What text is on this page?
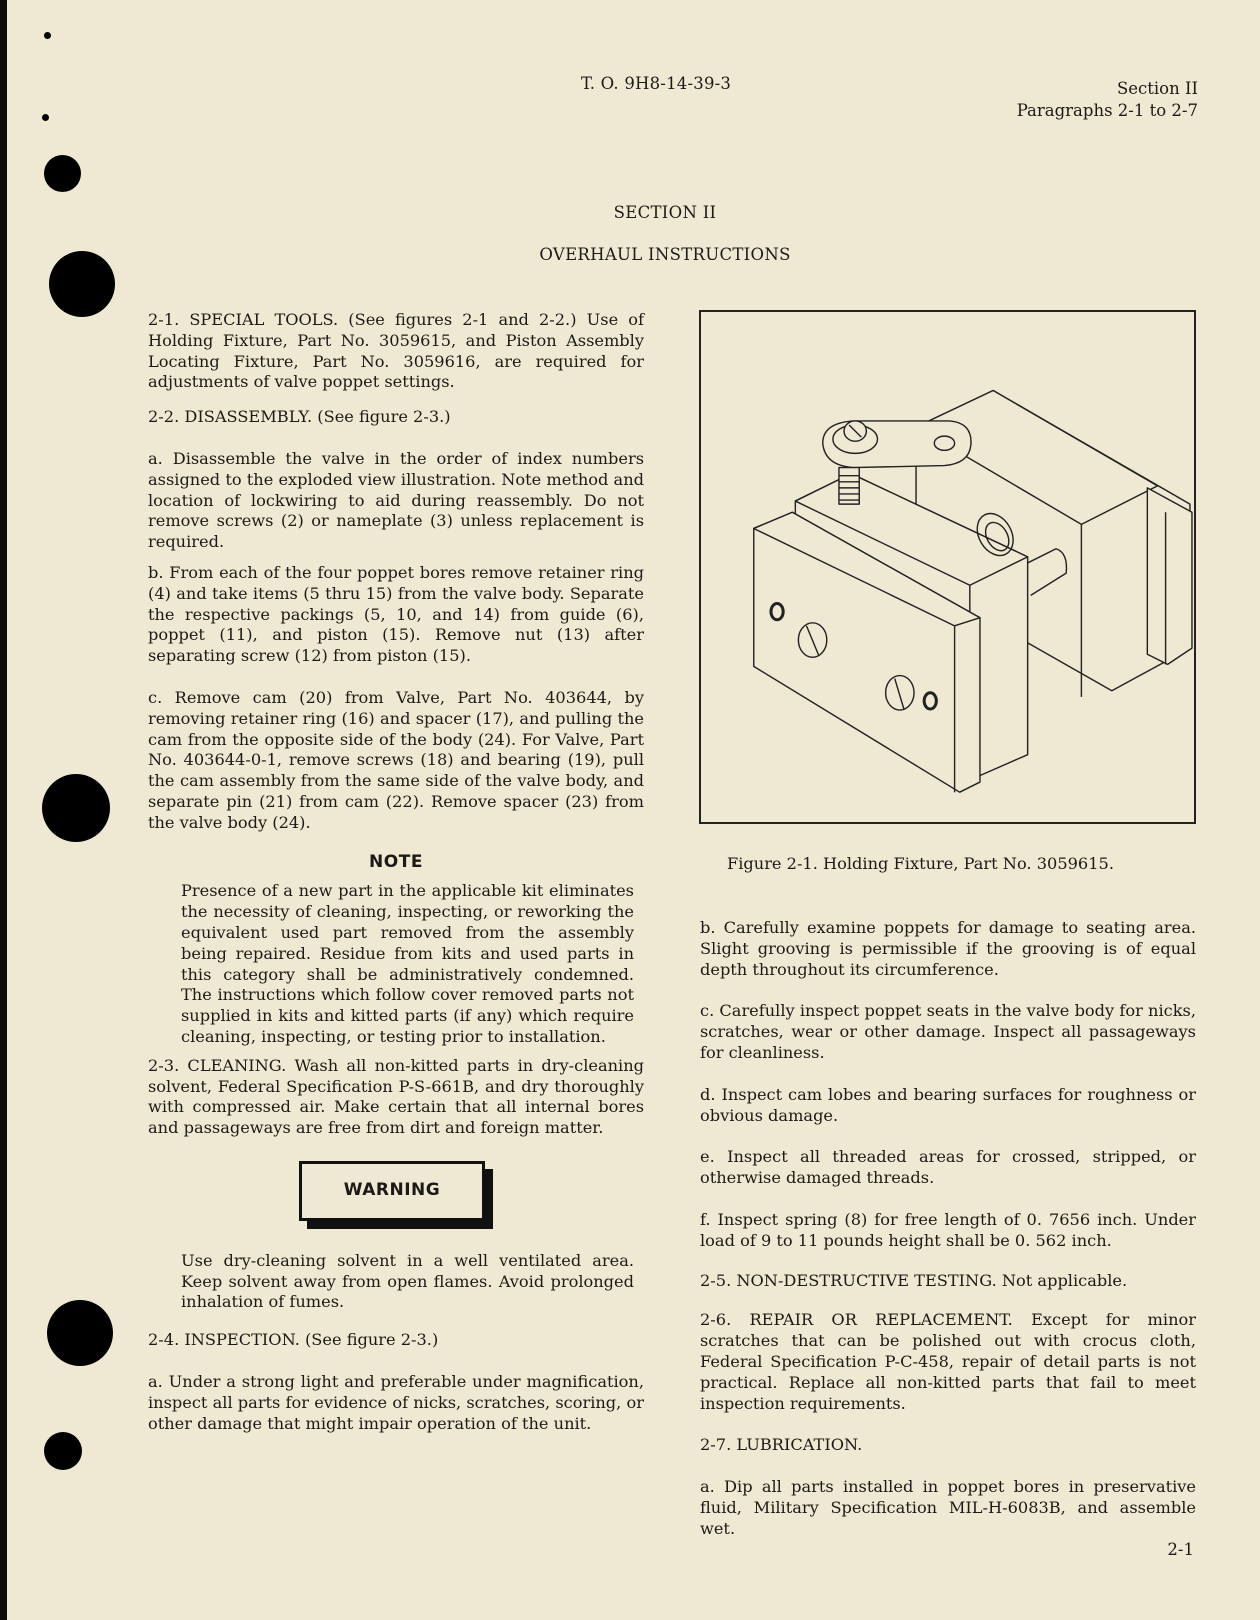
T. O. 9H8-14-39-3	Section II
Paragraphs 2-1 to 2-7
SECTION II
OVERHAUL INSTRUCTIONS

2-1. SPECIAL TOOLS. (See figures 2-1 and 2-2.) Use of Holding Fixture, Part No. 3059615, and Piston Assembly Locating Fixture, Part No. 3059616, are required for adjustments of valve poppet settings.

2-2. DISASSEMBLY. (See figure 2-3.)

a. Disassemble the valve in the order of index numbers assigned to the exploded view illustration. Note method and location of lockwiring to aid during reassembly. Do not remove screws (2) or nameplate (3) unless replacement is required.

b. From each of the four poppet bores remove retainer ring (4) and take items (5 thru 15) from the valve body. Separate the respective packings (5, 10, and 14) from guide (6), poppet (11), and piston (15). Remove nut (13) after separating screw (12) from piston (15).

c. Remove cam (20) from Valve, Part No. 403644, by removing retainer ring (16) and spacer (17), and pulling the cam from the opposite side of the body (24). For Valve, Part No. 403644-0-1, remove screws (18) and bearing (19), pull the cam assembly from the same side of the valve body, and separate pin (21) from cam (22). Remove spacer (23) from the valve body (24).

NOTE

Presence of a new part in the applicable kit eliminates the necessity of cleaning, inspecting, or reworking the equivalent used part removed from the assembly being repaired. Residue from kits and used parts in this category shall be administratively condemned. The instructions which follow cover removed parts not supplied in kits and kitted parts (if any) which require cleaning, inspecting, or testing prior to installation.

2-3. CLEANING. Wash all non-kitted parts in dry-cleaning solvent, Federal Specification P-S-661B, and dry thoroughly with compressed air. Make certain that all internal bores and passageways are free from dirt and foreign matter.

WARNING

Use dry-cleaning solvent in a well ventilated area. Keep solvent away from open flames. Avoid prolonged inhalation of fumes.

2-4. INSPECTION. (See figure 2-3.)

a. Under a strong light and preferable under magnification, inspect all parts for evidence of nicks, scratches, scoring, or other damage that might impair operation of the unit.

Figure 2-1. Holding Fixture, Part No. 3059615.

b. Carefully examine poppets for damage to seating area. Slight grooving is permissible if the grooving is of equal depth throughout its circumference.

c. Carefully inspect poppet seats in the valve body for nicks, scratches, wear or other damage. Inspect all passageways for cleanliness.

d. Inspect cam lobes and bearing surfaces for roughness or obvious damage.

e. Inspect all threaded areas for crossed, stripped, or otherwise damaged threads.

f. Inspect spring (8) for free length of 0. 7656 inch. Under load of 9 to 11 pounds height shall be 0. 562 inch.

2-5. NON-DESTRUCTIVE TESTING. Not applicable.

2-6. REPAIR OR REPLACEMENT. Except for minor scratches that can be polished out with crocus cloth, Federal Specification P-C-458, repair of detail parts is not practical. Replace all non-kitted parts that fail to meet inspection requirements.

2-7. LUBRICATION.

a. Dip all parts installed in poppet bores in preservative fluid, Military Specification MIL-H-6083B, and assemble wet.

2-1
